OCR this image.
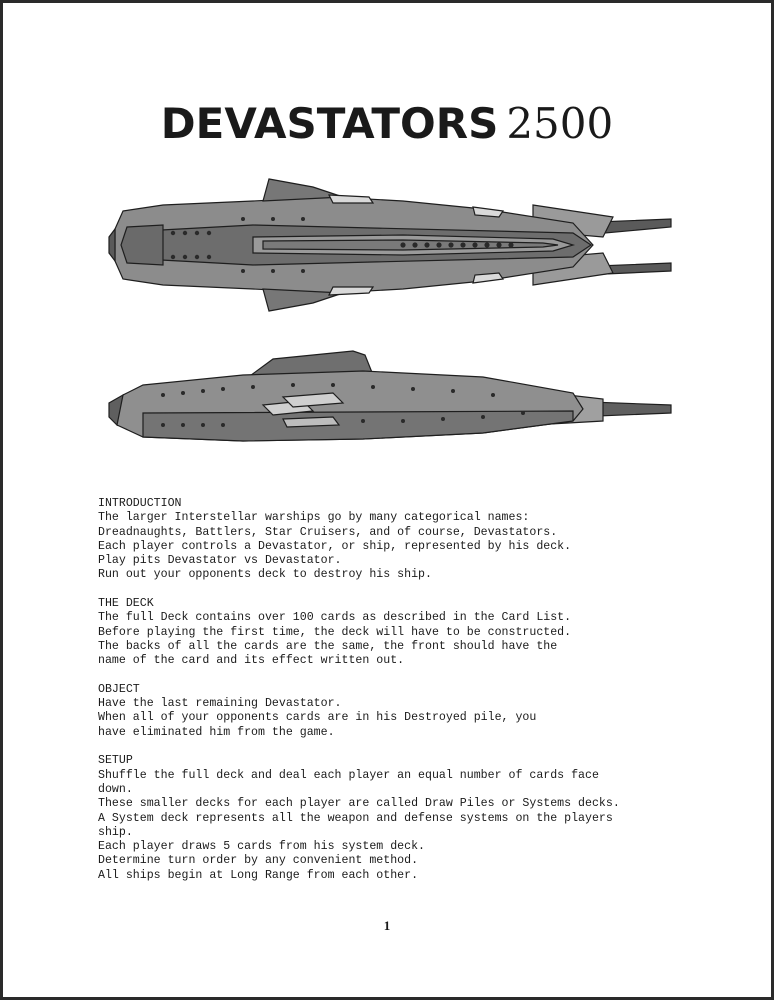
DEVASTATORS 2500
INTRODUCTION
The larger Interstellar warships go by many categorical names:
Dreadnaughts, Battlers, Star Cruisers, and of course, Devastators.
Each player controls a Devastator, or ship, represented by his deck.
Play pits Devastator vs Devastator.
Run out your opponents deck to destroy his ship.
THE DECK
The full Deck contains over 100 cards as described in the Card List.
Before playing the first time, the deck will have to be constructed.
The backs of all the cards are the same, the front should have the
name of the card and its effect written out.
OBJECT
Have the last remaining Devastator.
When all of your opponents cards are in his Destroyed pile, you
have eliminated him from the game.
SETUP
Shuffle the full deck and deal each player an equal number of cards face
down.
These smaller decks for each player are called Draw Piles or Systems decks.
A System deck represents all the weapon and defense systems on the players
ship.
Each player draws 5 cards from his system deck.
Determine turn order by any convenient method.
All ships begin at Long Range from each other.
1
